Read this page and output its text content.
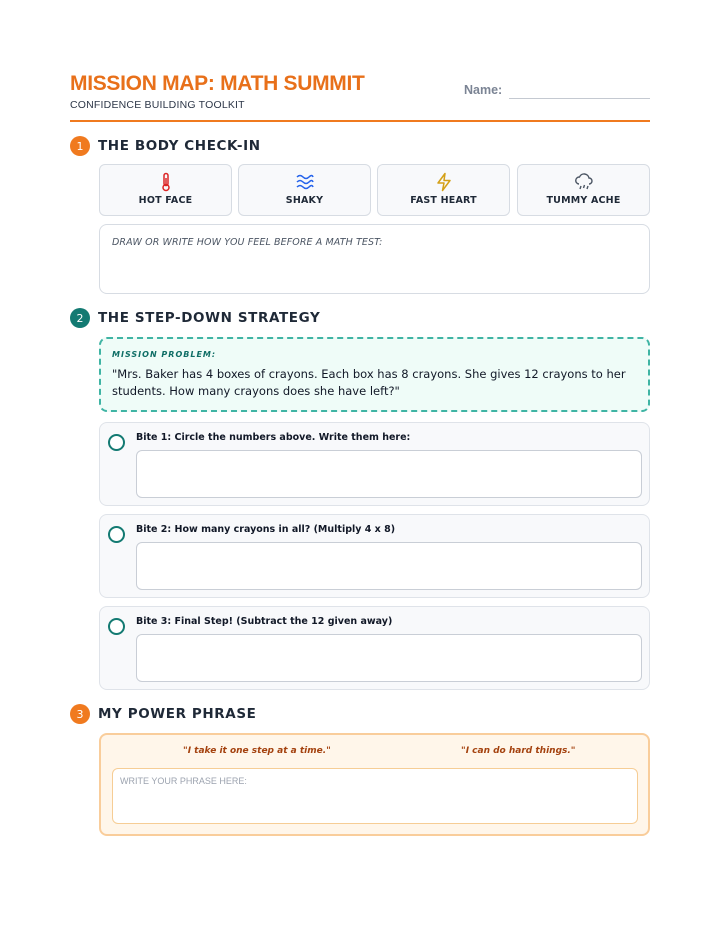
MISSION MAP: MATH SUMMIT
CONFIDENCE BUILDING TOOLKIT
Name:
1	THE BODY CHECK-IN
HOT FACE	SHAKY	FAST HEART	TUMMY ACHE
DRAW OR WRITE HOW YOU FEEL BEFORE A MATH TEST:
2	THE STEP-DOWN STRATEGY
MISSION PROBLEM:
"Mrs. Baker has 4 boxes of crayons. Each box has 8 crayons. She gives 12 crayons to her students. How many crayons does she have left?"
Bite 1: Circle the numbers above. Write them here:
Bite 2: How many crayons in all? (Multiply 4 x 8)
Bite 3: Final Step! (Subtract the 12 given away)
3	MY POWER PHRASE
"I take it one step at a time."	"I can do hard things."
WRITE YOUR PHRASE HERE:
